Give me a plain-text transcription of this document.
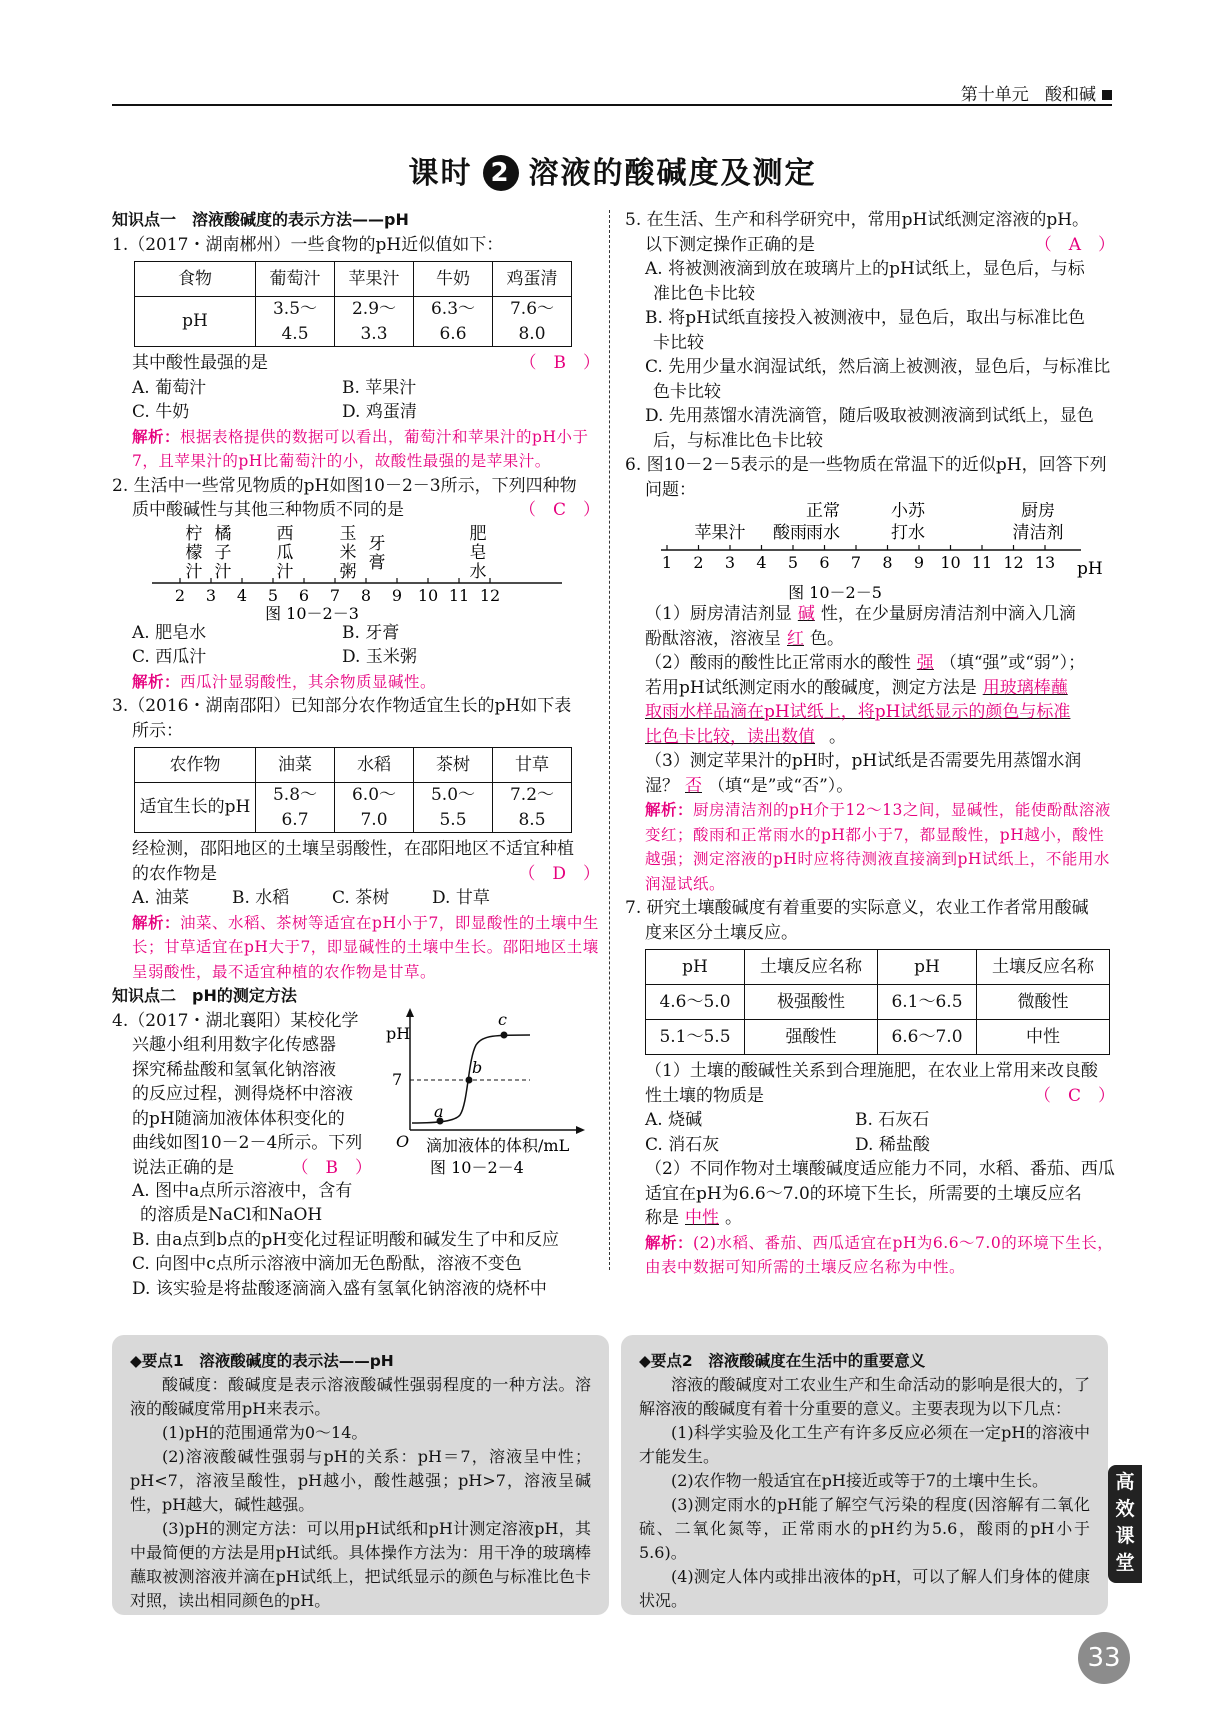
第十单元 酸和碱
课时 2 溶液的酸碱度及测定

知识点一　溶液酸碱度的表示方法——pH

1.（2017・湖南郴州）一些食物的pH近似值如下：

食物	葡萄汁	苹果汁	牛奶	鸡蛋清
pH	3.5～4.5	2.9～3.3	6.3～6.6	7.6～8.0

其中酸性最强的是	（　B　）

A. 葡萄汁	B. 苹果汁

C. 牛奶	D. 鸡蛋清

解析：根据表格提供的数据可以看出，葡萄汁和苹果汁的pH小于7，且苹果汁的pH比葡萄汁的小，故酸性最强的是苹果汁。

2. 生活中一些常见物质的pH如图10－2－3所示，下列四种物

质中酸碱性与其他三种物质不同的是	（　C　）

柠
檬
汁
橘
子
汁
西
瓜
汁
玉
米
粥
牙
膏
肥
皂
水
2 3 4 5 6 7 8 9 10 11 12
图 10－2－3

A. 肥皂水	B. 牙膏

C. 西瓜汁	D. 玉米粥

解析：西瓜汁显弱酸性，其余物质显碱性。

3.（2016・湖南邵阳）已知部分农作物适宜生长的pH如下表

所示：

农作物	油菜	水稻	茶树	甘草
适宜生长的pH	5.8～6.7	6.0～7.0	5.0～5.5	7.2～8.5

经检测，邵阳地区的土壤呈弱酸性，在邵阳地区不适宜种植

的农作物是	（　D　）

A. 油菜	B. 水稻	C. 茶树	D. 甘草

解析：油菜、水稻、茶树等适宜在pH小于7，即显酸性的土壤中生长；甘草适宜在pH大于7，即显碱性的土壤中生长。邵阳地区土壤呈弱酸性，最不适宜种植的农作物是甘草。

知识点二　pH的测定方法

4.（2017・湖北襄阳）某校化学

兴趣小组利用数字化传感器

探究稀盐酸和氢氧化钠溶液

的反应过程，测得烧杯中溶液

的pH随滴加液体体积变化的

曲线如图10－2－4所示。下列

说法正确的是	（　B　）

pH
7
a
b
c
O 滴加液体的体积/mL
图 10－2－4

A. 图中a点所示溶液中，含有

的溶质是NaCl和NaOH

B. 由a点到b点的pH变化过程证明酸和碱发生了中和反应

C. 向图中c点所示溶液中滴加无色酚酞，溶液不变色

D. 该实验是将盐酸逐滴滴入盛有氢氧化钠溶液的烧杯中

5. 在生活、生产和科学研究中，常用pH试纸测定溶液的pH。

以下测定操作正确的是	（　A　）

A. 将被测液滴到放在玻璃片上的pH试纸上，显色后，与标

准比色卡比较

B. 将pH试纸直接投入被测液中，显色后，取出与标准比色

卡比较

C. 先用少量水润湿试纸，然后滴上被测液，显色后，与标准比

色卡比较

D. 先用蒸馏水清洗滴管，随后吸取被测液滴到试纸上，显色

后，与标准比色卡比较

6. 图10－2－5表示的是一些物质在常温下的近似pH，回答下列

问题：

苹果汁 酸雨
正常
雨水
小苏
打水
厨房
清洁剂
1 2 3 4 5 6 7 8 9 10 11 12 13 pH
图 10－2－5

（1）厨房清洁剂显 碱 性，在少量厨房清洁剂中滴入几滴

酚酞溶液，溶液呈 红 色。

（2）酸雨的酸性比正常雨水的酸性 强 （填“强”或“弱”）；

若用pH试纸测定雨水的酸碱度，测定方法是 用玻璃棒蘸

取雨水样品滴在pH试纸上，将pH试纸显示的颜色与标准

比色卡比较，读出数值 。

（3）测定苹果汁的pH时，pH试纸是否需要先用蒸馏水润

湿？ 否 （填“是”或“否”）。

解析：厨房清洁剂的pH介于12～13之间，显碱性，能使酚酞溶液变红；酸雨和正常雨水的pH都小于7，都显酸性，pH越小，酸性越强；测定溶液的pH时应将待测液直接滴到pH试纸上，不能用水润湿试纸。

7. 研究土壤酸碱度有着重要的实际意义，农业工作者常用酸碱

度来区分土壤反应。

pH	土壤反应名称	pH	土壤反应名称
4.6～5.0	极强酸性	6.1～6.5	微酸性
5.1～5.5	强酸性	6.6～7.0	中性

（1）土壤的酸碱性关系到合理施肥，在农业上常用来改良酸

性土壤的物质是	（　C　）

A. 烧碱	B. 石灰石

C. 消石灰	D. 稀盐酸

（2）不同作物对土壤酸碱度适应能力不同，水稻、番茄、西瓜

适宜在pH为6.6～7.0的环境下生长，所需要的土壤反应名

称是 中性 。

解析：(2)水稻、番茄、西瓜适宜在pH为6.6～7.0的环境下生长，由表中数据可知所需的土壤反应名称为中性。

◆要点1　溶液酸碱度的表示法——pH

酸碱度：酸碱度是表示溶液酸碱性强弱程度的一种方法。溶液的酸碱度常用pH来表示。

(1)pH的范围通常为0～14。

(2)溶液酸碱性强弱与pH的关系：pH＝7，溶液呈中性；pH<7，溶液呈酸性，pH越小，酸性越强；pH>7，溶液呈碱性，pH越大，碱性越强。

(3)pH的测定方法：可以用pH试纸和pH计测定溶液pH，其中最简便的方法是用pH试纸。具体操作方法为：用干净的玻璃棒蘸取被测溶液并滴在pH试纸上，把试纸显示的颜色与标准比色卡对照，读出相同颜色的pH。

◆要点2　溶液酸碱度在生活中的重要意义

溶液的酸碱度对工农业生产和生命活动的影响是很大的，了解溶液的酸碱度有着十分重要的意义。主要表现为以下几点：

(1)科学实验及化工生产有许多反应必须在一定pH的溶液中才能发生。

(2)农作物一般适宜在pH接近或等于7的土壤中生长。

(3)测定雨水的pH能了解空气污染的程度(因溶解有二氧化硫、二氧化氮等，正常雨水的pH约为5.6，酸雨的pH小于5.6)。

(4)测定人体内或排出液体的pH，可以了解人们身体的健康状况。

高
效
课
堂
33
